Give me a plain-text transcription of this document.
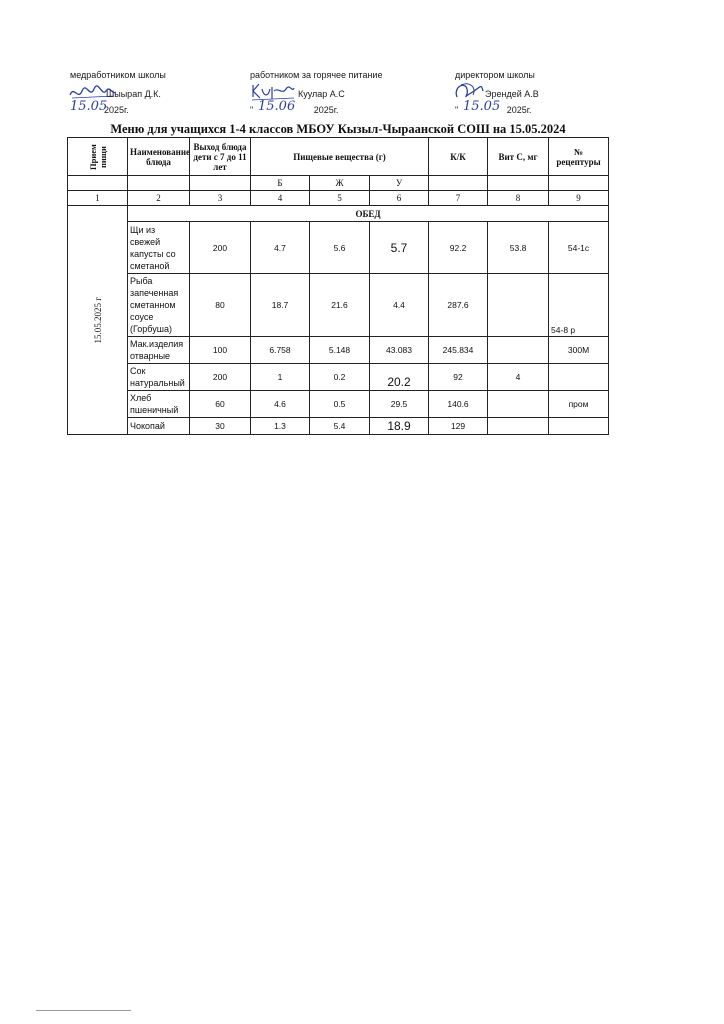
медработником школы
Шыырап Д.К.
15.05
2025г.
работником за горячее питание
Куулар А.С
" 15.06 2025г.
директором школы
Эрендей А.В
" 15.05 2025г.
Меню для учащихся 1-4 классов МБОУ Кызыл-Чыраанской СОШ на 15.05.2024
Прием пищи	Наименование блюда	Выход блюда дети с 7 до 11 лет	Пищевые вещества (г)			К/К	Вит С, мг	№ рецептуры
			Б	Ж	У			
1	2	3	4	5	6	7	8	9

15.05.2025 г	ОБЕД							
	Щи из свежей капусты со сметаной	200	4.7	5.6	5.7	92.2	53.8	54-1с
	Рыба запеченная сметанном соусе (Горбуша)	80	18.7	21.6	4.4	287.6		54-8 р
	Мак.изделия отварные	100	6.758	5.148	43.083	245.834		300М
	Сок натуральный	200	1	0.2	20.2	92	4	
	Хлеб пшеничный	60	4.6	0.5	29.5	140.6		пром
	Чокопай	30	1.3	5.4	18.9	129		
